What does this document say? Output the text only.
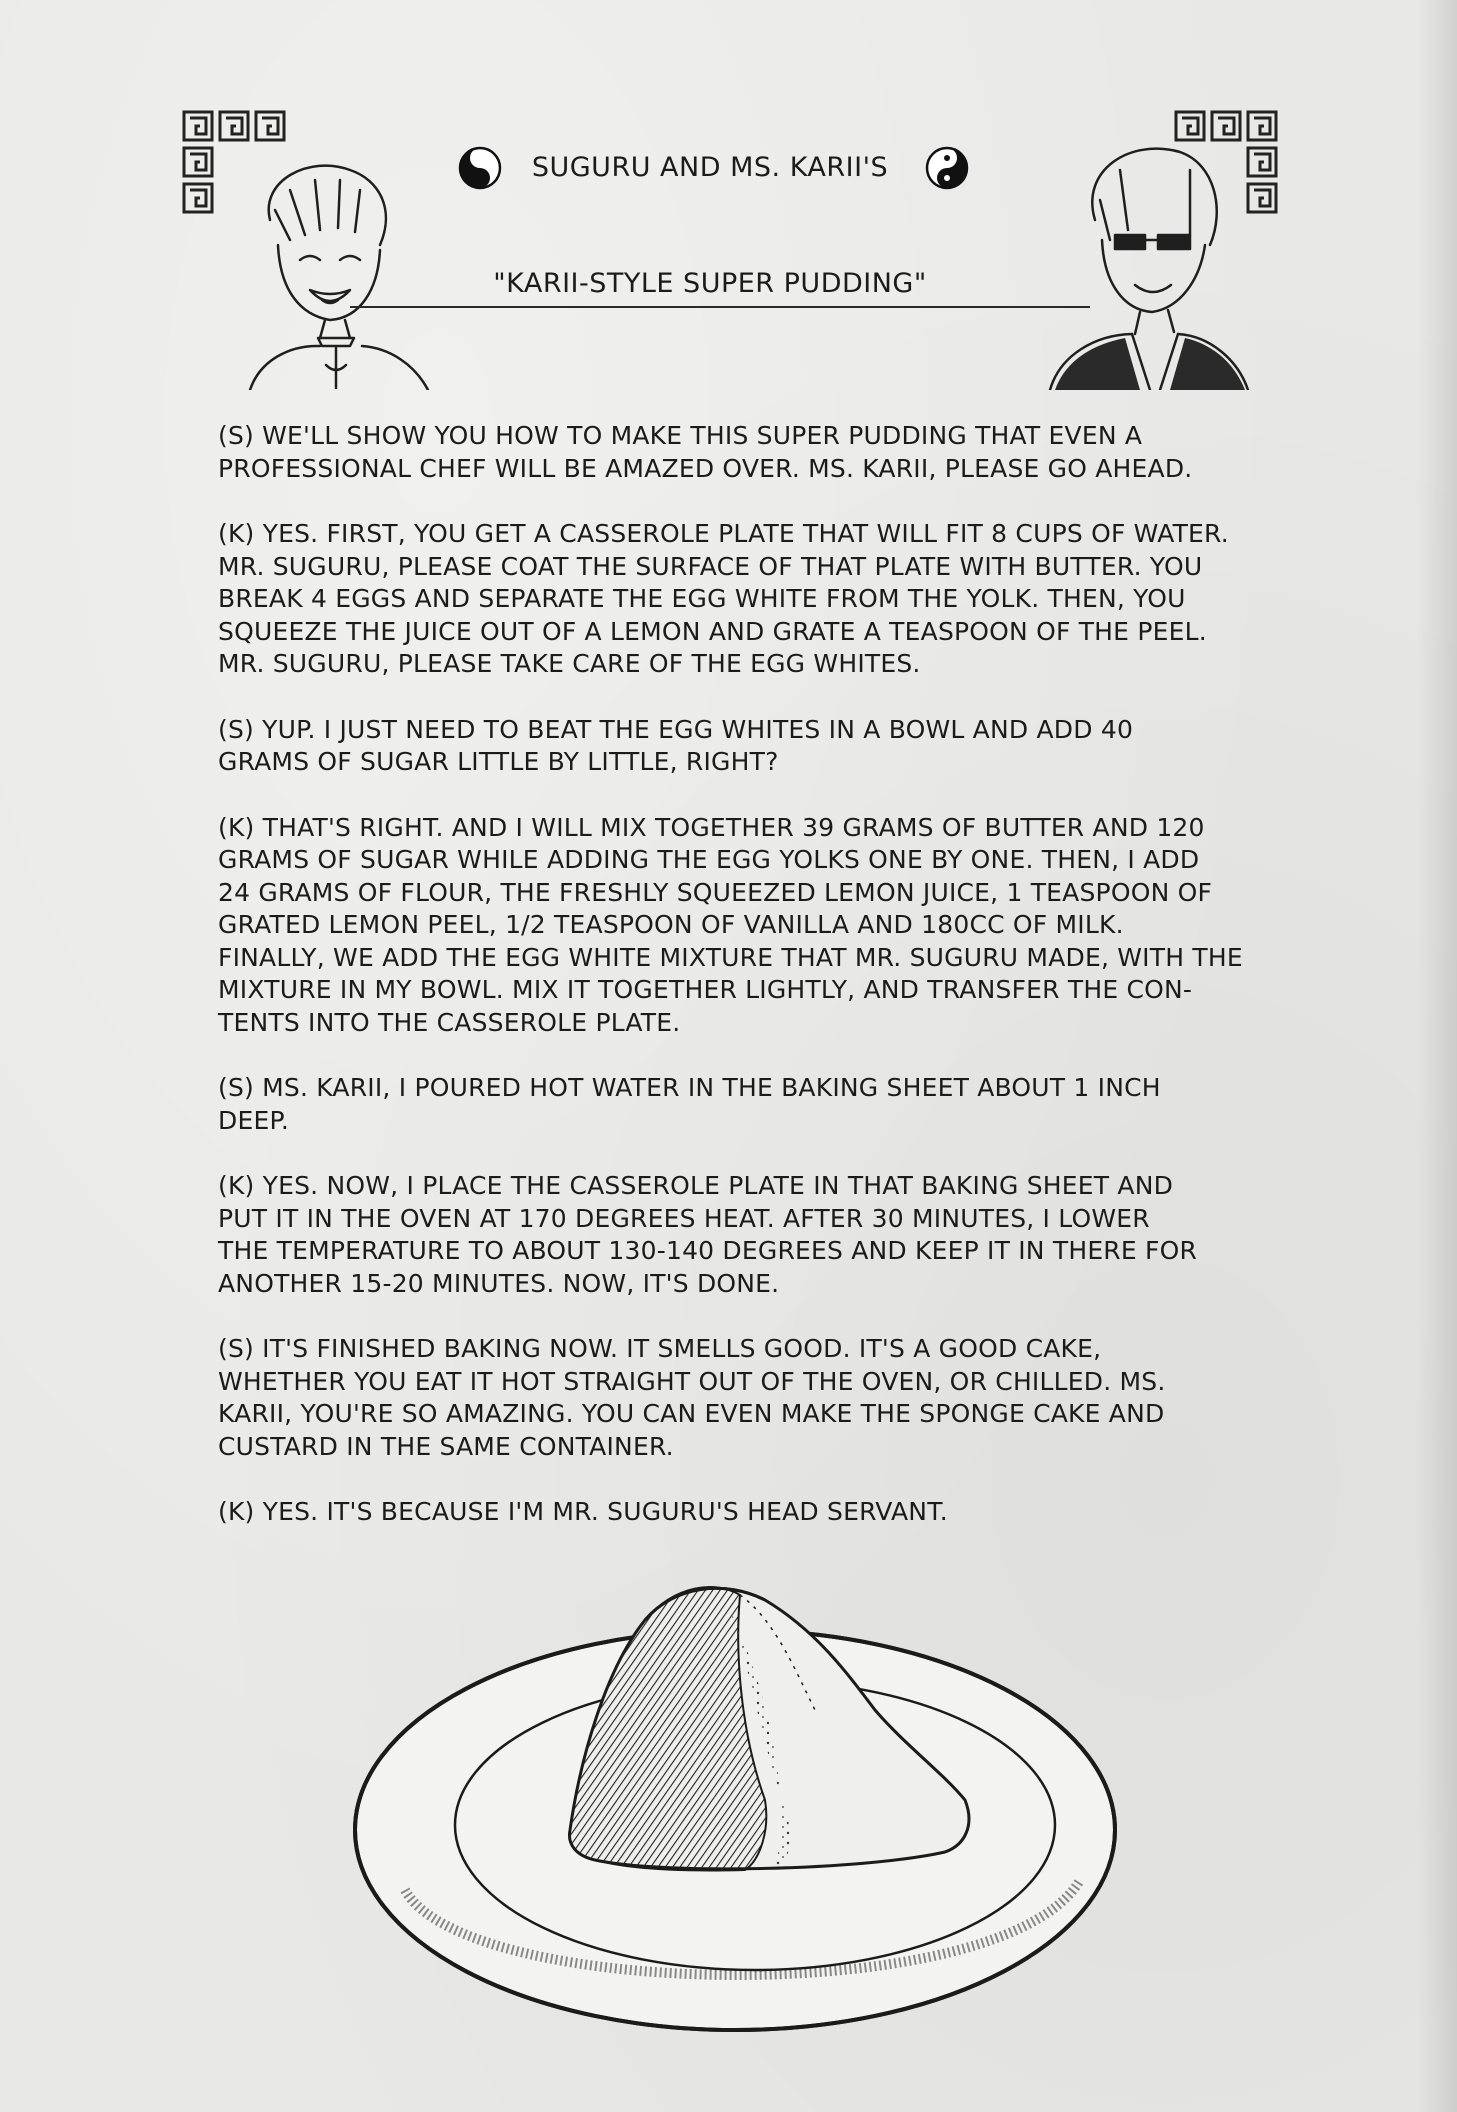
SUGURU AND MS. KARII'S
"KARII-STYLE SUPER PUDDING"

(S) WE'LL SHOW YOU HOW TO MAKE THIS SUPER PUDDING THAT EVEN A
PROFESSIONAL CHEF WILL BE AMAZED OVER. MS. KARII, PLEASE GO AHEAD.

(K) YES. FIRST, YOU GET A CASSEROLE PLATE THAT WILL FIT 8 CUPS OF WATER.
MR. SUGURU, PLEASE COAT THE SURFACE OF THAT PLATE WITH BUTTER. YOU
BREAK 4 EGGS AND SEPARATE THE EGG WHITE FROM THE YOLK. THEN, YOU
SQUEEZE THE JUICE OUT OF A LEMON AND GRATE A TEASPOON OF THE PEEL.
MR. SUGURU, PLEASE TAKE CARE OF THE EGG WHITES.

(S) YUP. I JUST NEED TO BEAT THE EGG WHITES IN A BOWL AND ADD 40
GRAMS OF SUGAR LITTLE BY LITTLE, RIGHT?

(K) THAT'S RIGHT. AND I WILL MIX TOGETHER 39 GRAMS OF BUTTER AND 120
GRAMS OF SUGAR WHILE ADDING THE EGG YOLKS ONE BY ONE. THEN, I ADD
24 GRAMS OF FLOUR, THE FRESHLY SQUEEZED LEMON JUICE, 1 TEASPOON OF
GRATED LEMON PEEL, 1/2 TEASPOON OF VANILLA AND 180CC OF MILK.
FINALLY, WE ADD THE EGG WHITE MIXTURE THAT MR. SUGURU MADE, WITH THE
MIXTURE IN MY BOWL. MIX IT TOGETHER LIGHTLY, AND TRANSFER THE CON-
TENTS INTO THE CASSEROLE PLATE.

(S) MS. KARII, I POURED HOT WATER IN THE BAKING SHEET ABOUT 1 INCH
DEEP.

(K) YES. NOW, I PLACE THE CASSEROLE PLATE IN THAT BAKING SHEET AND
PUT IT IN THE OVEN AT 170 DEGREES HEAT. AFTER 30 MINUTES, I LOWER
THE TEMPERATURE TO ABOUT 130-140 DEGREES AND KEEP IT IN THERE FOR
ANOTHER 15-20 MINUTES. NOW, IT'S DONE.

(S) IT'S FINISHED BAKING NOW. IT SMELLS GOOD. IT'S A GOOD CAKE,
WHETHER YOU EAT IT HOT STRAIGHT OUT OF THE OVEN, OR CHILLED. MS.
KARII, YOU'RE SO AMAZING. YOU CAN EVEN MAKE THE SPONGE CAKE AND
CUSTARD IN THE SAME CONTAINER.

(K) YES. IT'S BECAUSE I'M MR. SUGURU'S HEAD SERVANT.
